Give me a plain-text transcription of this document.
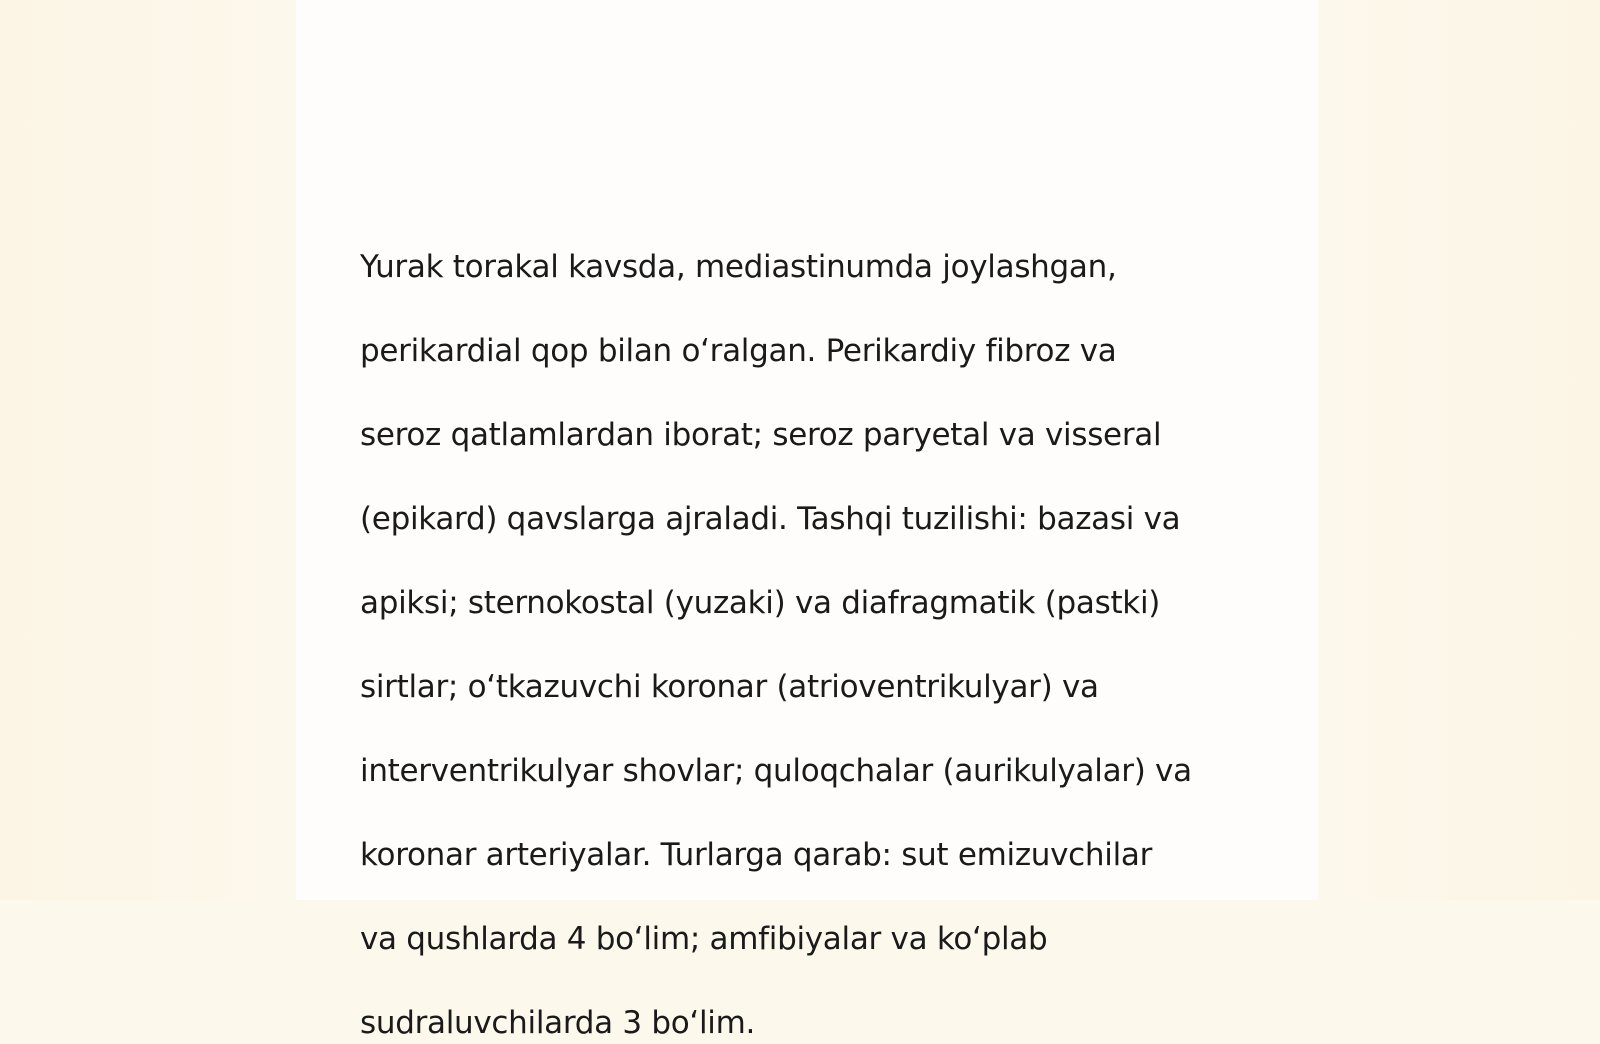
Yurak torakal kavsda, mediastinumda joylashgan,

perikardial qop bilan o‘ralgan. Perikardiy fibroz va

seroz qatlamlardan iborat; seroz paryetal va visseral

(epikard) qavslarga ajraladi. Tashqi tuzilishi: bazasi va

apiksi; sternokostal (yuzaki) va diafragmatik (pastki)

sirtlar; o‘tkazuvchi koronar (atrioventrikulyar) va

interventrikulyar shovlar; quloqchalar (aurikulyalar) va

koronar arteriyalar. Turlarga qarab: sut emizuvchilar

va qushlarda 4 bo‘lim; amfibiyalar va ko‘plab

sudraluvchilarda 3 bo‘lim.
